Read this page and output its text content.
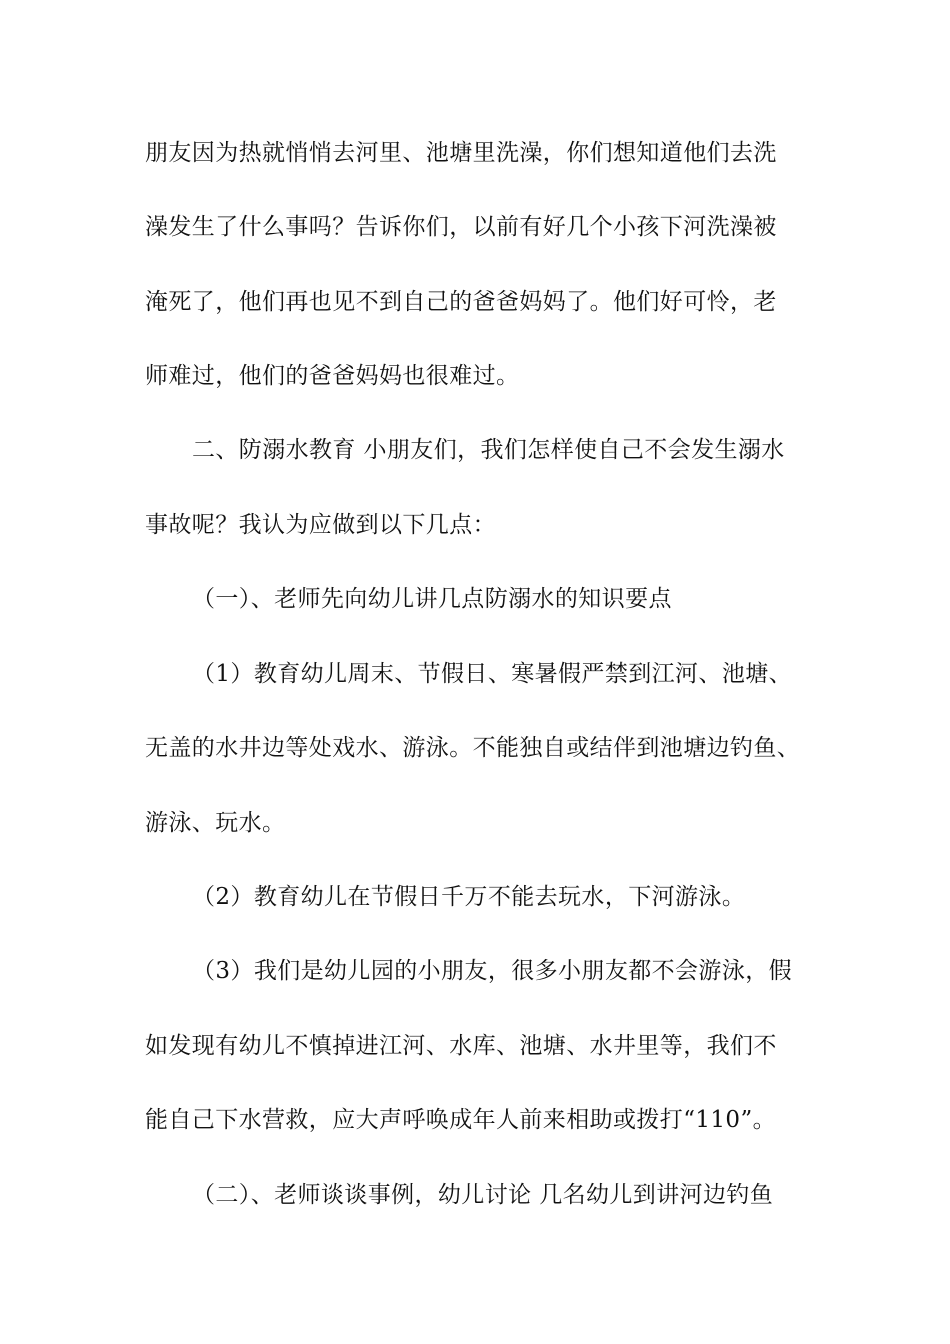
朋友因为热就悄悄去河里、池塘里洗澡，你们想知道他们去洗
澡发生了什么事吗？告诉你们，以前有好几个小孩下河洗澡被
淹死了，他们再也见不到自己的爸爸妈妈了。他们好可怜，老
师难过，他们的爸爸妈妈也很难过。
二、防溺水教育 小朋友们，我们怎样使自己不会发生溺水
事故呢？我认为应做到以下几点：
（一）、老师先向幼儿讲几点防溺水的知识要点
（1）教育幼儿周末、节假日、寒暑假严禁到江河、池塘、
无盖的水井边等处戏水、游泳。不能独自或结伴到池塘边钓鱼、
游泳、玩水。
（2）教育幼儿在节假日千万不能去玩水，下河游泳。
（3）我们是幼儿园的小朋友，很多小朋友都不会游泳，假
如发现有幼儿不慎掉进江河、水库、池塘、水井里等，我们不
能自己下水营救，应大声呼唤成年人前来相助或拨打“110”。
（二）、老师谈谈事例，幼儿讨论 几名幼儿到讲河边钓鱼
